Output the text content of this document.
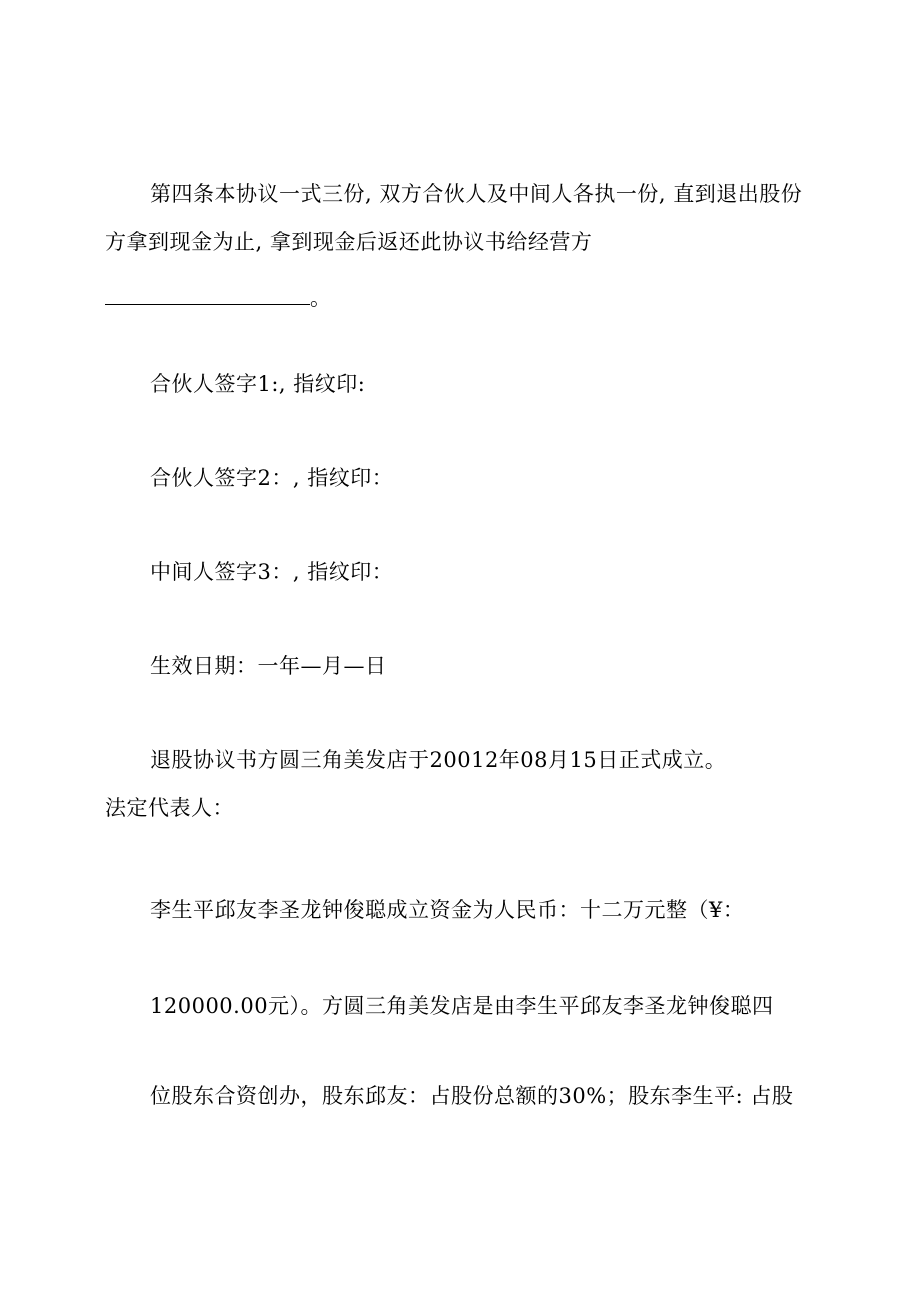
第四条本协议一式三份, 双方合伙人及中间人各执一份, 直到退出股份
方拿到现金为止, 拿到现金后返还此协议书给经营方
。
合伙人签字1:, 指纹印:
合伙人签字2：, 指纹印：
中间人签字3：, 指纹印：
生效日期：一年—月—日
退股协议书方圆三角美发店于20012年08月15日正式成立。
法定代表人：
李生平邱友李圣龙钟俊聪成立资金为人民币：十二万元整（¥：
120000.00元）。方圆三角美发店是由李生平邱友李圣龙钟俊聪四
位股东合资创办，股东邱友：占股份总额的30%；股东李生平: 占股
